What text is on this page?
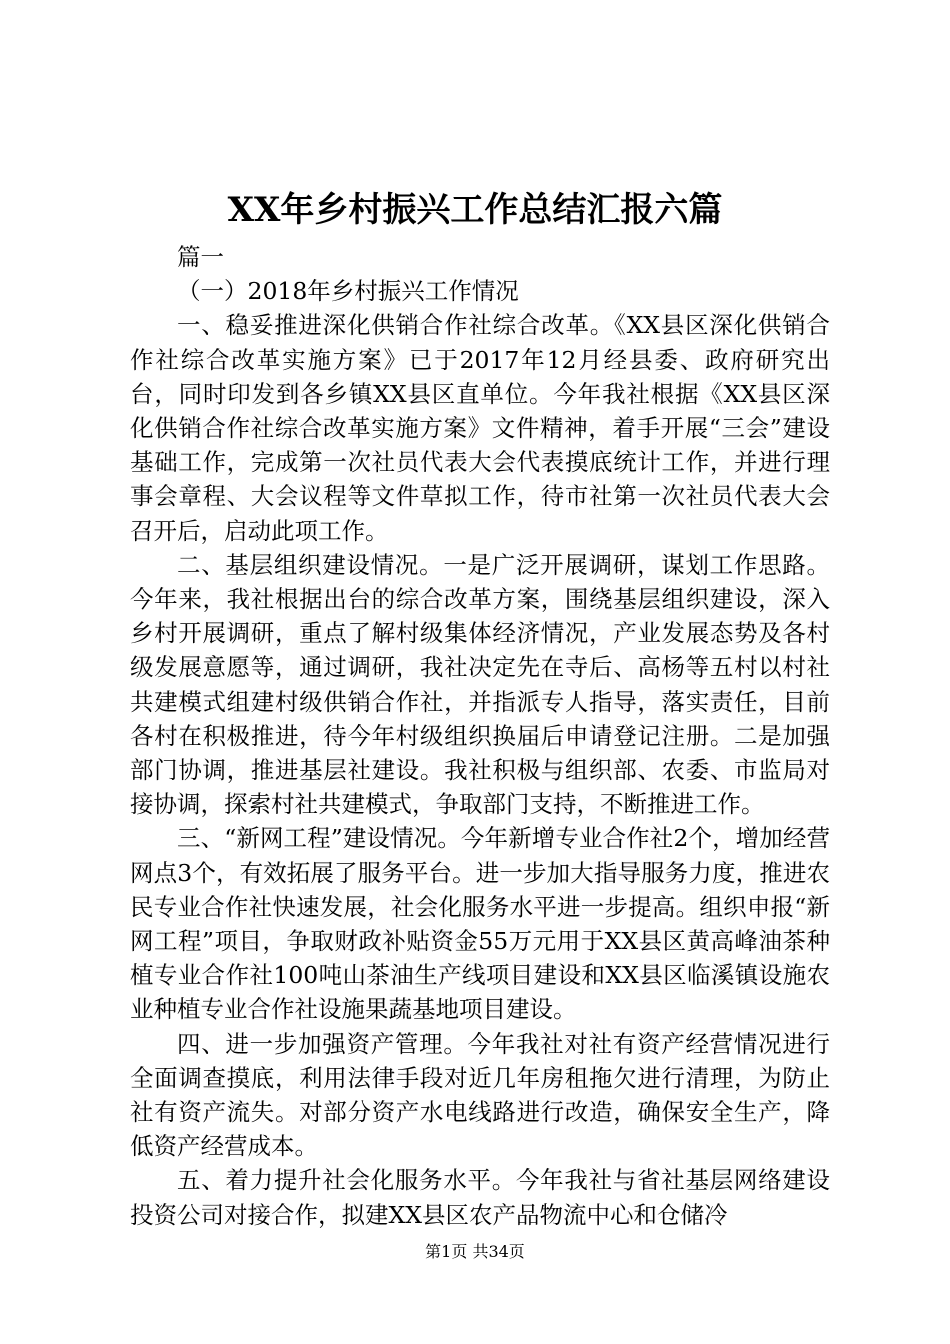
XX年乡村振兴工作总结汇报六篇

篇一

（一）2018年乡村振兴工作情况

一、稳妥推进深化供销合作社综合改革。《XX县区深化供销合作社综合改革实施方案》已于2017年12月经县委、政府研究出台，同时印发到各乡镇XX县区直单位。今年我社根据《XX县区深化供销合作社综合改革实施方案》文件精神，着手开展“三会”建设基础工作，完成第一次社员代表大会代表摸底统计工作，并进行理事会章程、大会议程等文件草拟工作，待市社第一次社员代表大会召开后，启动此项工作。

二、基层组织建设情况。一是广泛开展调研，谋划工作思路。今年来，我社根据出台的综合改革方案，围绕基层组织建设，深入乡村开展调研，重点了解村级集体经济情况，产业发展态势及各村级发展意愿等，通过调研，我社决定先在寺后、高杨等五村以村社共建模式组建村级供销合作社，并指派专人指导，落实责任，目前各村在积极推进，待今年村级组织换届后申请登记注册。二是加强部门协调，推进基层社建设。我社积极与组织部、农委、市监局对接协调，探索村社共建模式，争取部门支持，不断推进工作。

三、“新网工程”建设情况。今年新增专业合作社2个，增加经营网点3个，有效拓展了服务平台。进一步加大指导服务力度，推进农民专业合作社快速发展，社会化服务水平进一步提高。组织申报“新网工程”项目，争取财政补贴资金55万元用于XX县区黄高峰油茶种植专业合作社100吨山茶油生产线项目建设和XX县区临溪镇设施农业种植专业合作社设施果蔬基地项目建设。

四、进一步加强资产管理。今年我社对社有资产经营情况进行全面调查摸底，利用法律手段对近几年房租拖欠进行清理，为防止社有资产流失。对部分资产水电线路进行改造，确保安全生产，降低资产经营成本。

五、着力提升社会化服务水平。今年我社与省社基层网络建设投资公司对接合作，拟建XX县区农产品物流中心和仓储冷

第1页 共34页
